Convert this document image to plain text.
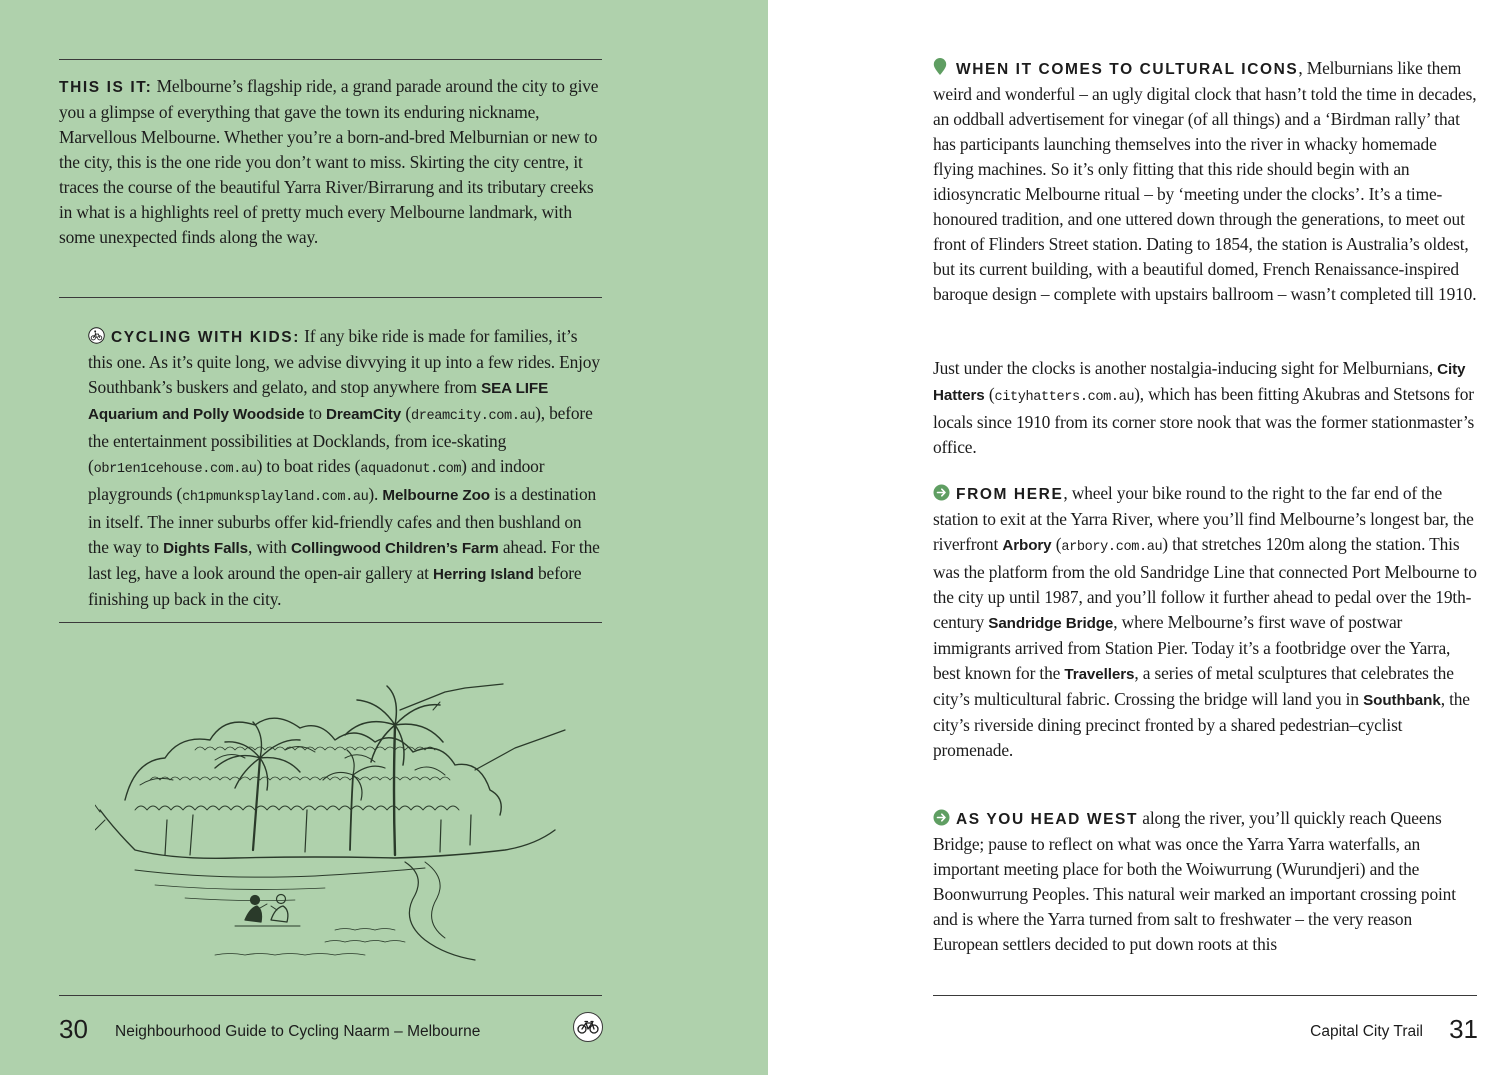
THIS IS IT: Melbourne’s flagship ride, a grand parade around the city to give you a glimpse of everything that gave the town its enduring nickname, Marvellous Melbourne. Whether you’re a born-and-bred Melburnian or new to the city, this is the one ride you don’t want to miss. Skirting the city centre, it traces the course of the beautiful Yarra River/Birrarung and its tributary creeks in what is a highlights reel of pretty much every Melbourne landmark, with some unexpected finds along the way.

CYCLING WITH KIDS: If any bike ride is made for families, it’s this one. As it’s quite long, we advise divvying it up into a few rides. Enjoy Southbank’s buskers and gelato, and stop anywhere from SEA LIFE Aquarium and Polly Woodside to DreamCity (dreamcity.com.au), before the entertainment possibilities at Docklands, from ice-skating (obr1en1cehouse.com.au) to boat rides (aquadonut.com) and indoor playgrounds (ch1pmunksplayland.com.au). Melbourne Zoo is a destination in itself. The inner suburbs offer kid-friendly cafes and then bushland on the way to Dights Falls, with Collingwood Children’s Farm ahead. For the last leg, have a look around the open-air gallery at Herring Island before finishing up back in the city.

30 Neighbourhood Guide to Cycling Naarm – Melbourne

WHEN IT COMES TO CULTURAL ICONS, Melburnians like them weird and wonderful – an ugly digital clock that hasn’t told the time in decades, an oddball advertisement for vinegar (of all things) and a ‘Birdman rally’ that has participants launching themselves into the river in whacky homemade flying machines. So it’s only fitting that this ride should begin with an idiosyncratic Melbourne ritual – by ‘meeting under the clocks’. It’s a time-honoured tradition, and one uttered down through the generations, to meet out front of Flinders Street station. Dating to 1854, the station is Australia’s oldest, but its current building, with a beautiful domed, French Renaissance-inspired baroque design – complete with upstairs ballroom – wasn’t completed till 1910.

Just under the clocks is another nostalgia-inducing sight for Melburnians, City Hatters (cityhatters.com.au), which has been fitting Akubras and Stetsons for locals since 1910 from its corner store nook that was the former stationmaster’s office.

FROM HERE, wheel your bike round to the right to the far end of the station to exit at the Yarra River, where you’ll find Melbourne’s longest bar, the riverfront Arbory (arbory.com.au) that stretches 120m along the station. This was the platform from the old Sandridge Line that connected Port Melbourne to the city up until 1987, and you’ll follow it further ahead to pedal over the 19th-century Sandridge Bridge, where Melbourne’s first wave of postwar immigrants arrived from Station Pier. Today it’s a footbridge over the Yarra, best known for the Travellers, a series of metal sculptures that celebrates the city’s multicultural fabric. Crossing the bridge will land you in Southbank, the city’s riverside dining precinct fronted by a shared pedestrian–cyclist promenade.

AS YOU HEAD WEST along the river, you’ll quickly reach Queens Bridge; pause to reflect on what was once the Yarra Yarra waterfalls, an important meeting place for both the Woiwurrung (Wurundjeri) and the Boonwurrung Peoples. This natural weir marked an important crossing point and is where the Yarra turned from salt to freshwater – the very reason European settlers decided to put down roots at this

Capital City Trail	31
